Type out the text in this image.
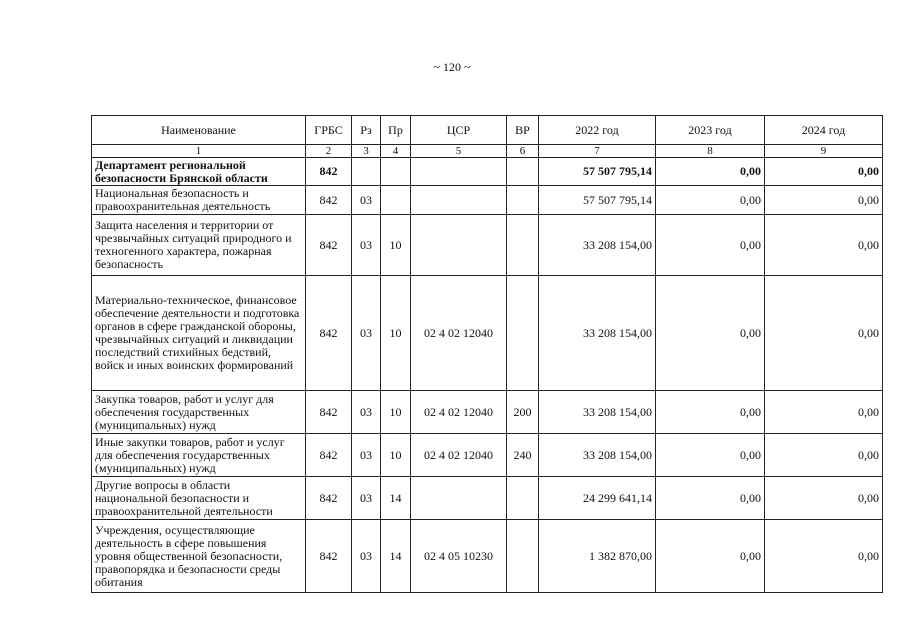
~ 120 ~
Наименование	ГРБС	Рз	Пр	ЦСР	ВР	2022 год	2023 год	2024 год
1	2	3	4	5	6	7	8	9
Департамент региональной безопасности Брянской области	842					57 507 795,14	0,00	0,00
Национальная безопасность и правоохранительная деятельность	842	03				57 507 795,14	0,00	0,00
Защита населения и территории от чрезвычайных ситуаций природного и техногенного характера, пожарная безопасность	842	03	10			33 208 154,00	0,00	0,00
Материально-техническое, финансовое обеспечение деятельности и подготовка органов в сфере гражданской обороны, чрезвычайных ситуаций и ликвидации последствий стихийных бедствий, войск и иных воинских формирований	842	03	10	02 4 02 12040		33 208 154,00	0,00	0,00
Закупка товаров, работ и услуг для обеспечения государственных (муниципальных) нужд	842	03	10	02 4 02 12040	200	33 208 154,00	0,00	0,00
Иные закупки товаров, работ и услуг для обеспечения государственных (муниципальных) нужд	842	03	10	02 4 02 12040	240	33 208 154,00	0,00	0,00
Другие вопросы в области национальной безопасности и правоохранительной деятельности	842	03	14			24 299 641,14	0,00	0,00
Учреждения, осуществляющие деятельность в сфере повышения уровня общественной безопасности, правопорядка и безопасности среды обитания	842	03	14	02 4 05 10230		1 382 870,00	0,00	0,00
